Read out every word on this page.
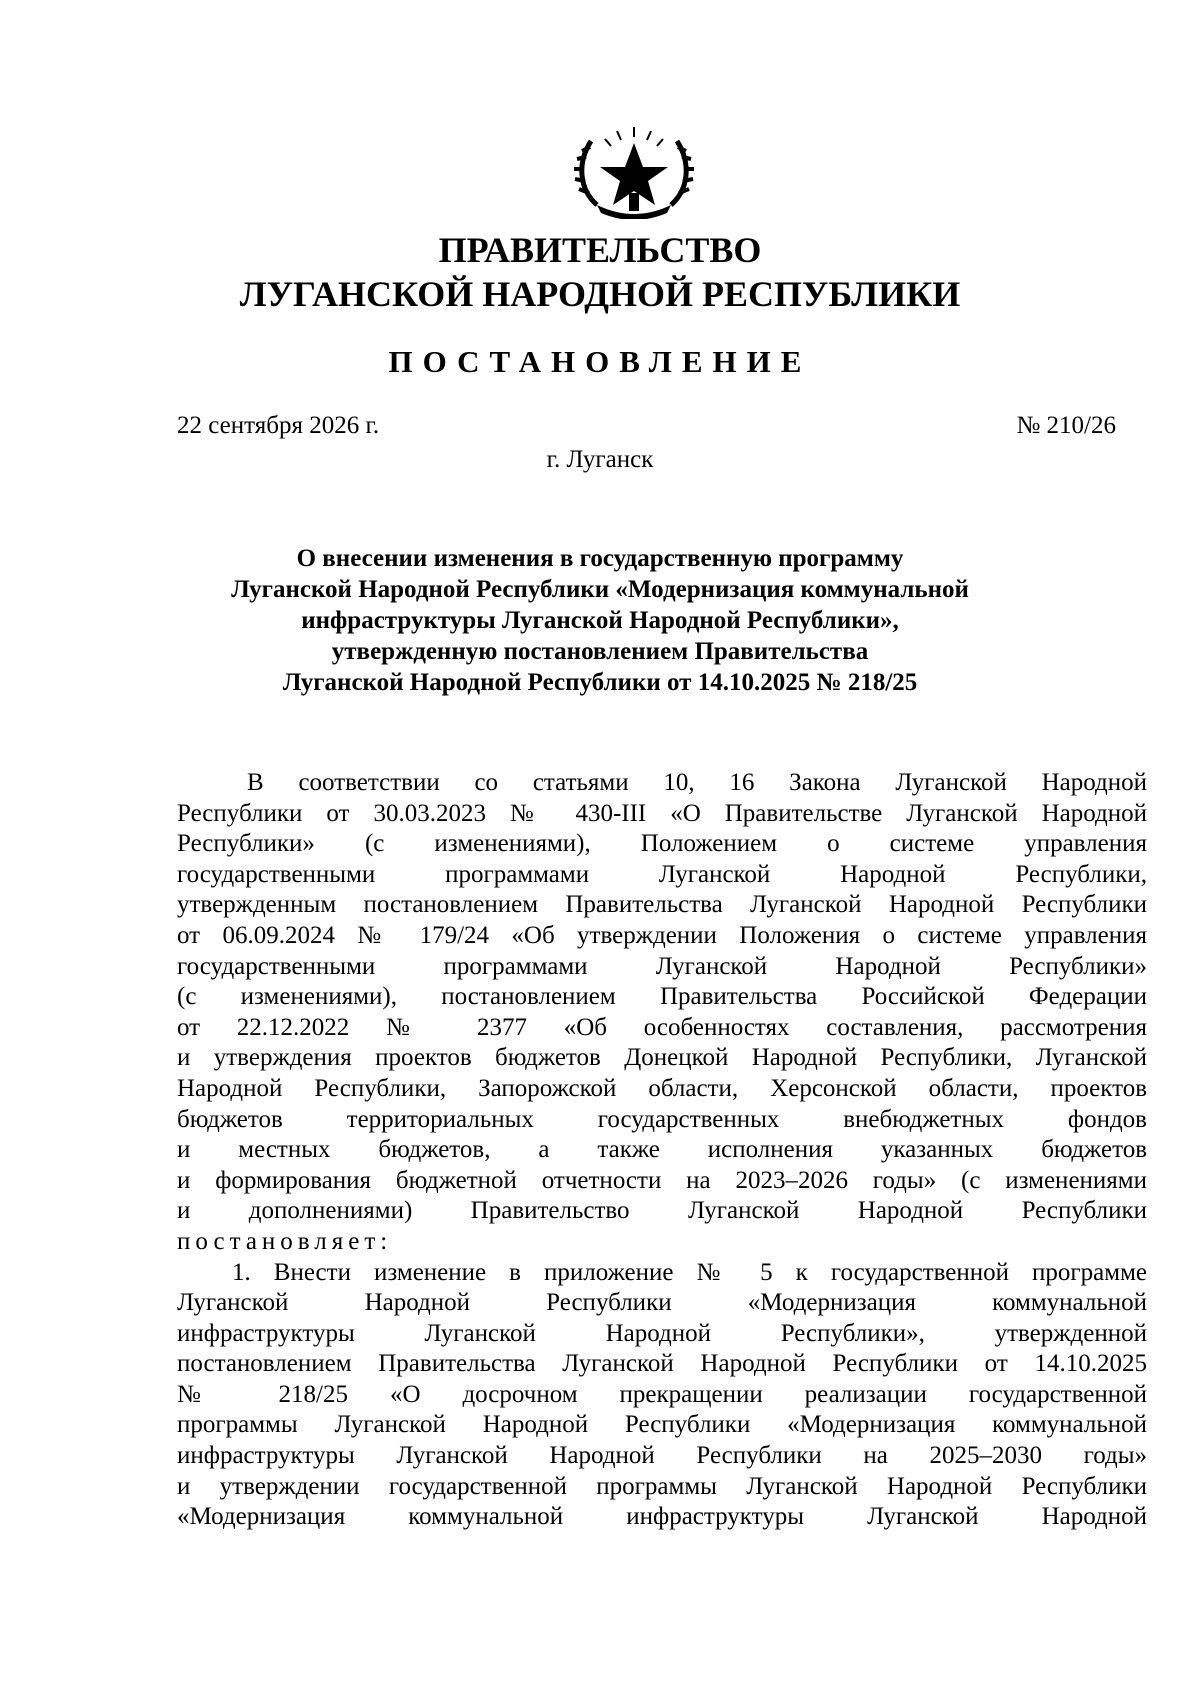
ПРАВИТЕЛЬСТВО
ЛУГАНСКОЙ НАРОДНОЙ РЕСПУБЛИКИ
ПОСТАНОВЛЕНИЕ
22 сентября 2026 г.	№ 210/26
г. Луганск
О внесении изменения в государственную программу
Луганской Народной Республики «Модернизация коммунальной
инфраструктуры Луганской Народной Республики»,
утвержденную постановлением Правительства
Луганской Народной Республики от 14.10.2025 № 218/25
В соответствии со статьями 10, 16 Закона Луганской Народной
Республики от 30.03.2023 № 430-III «О Правительстве Луганской Народной
Республики» (с изменениями), Положением о системе управления
государственными программами Луганской Народной Республики,
утвержденным постановлением Правительства Луганской Народной Республики
от 06.09.2024 № 179/24 «Об утверждении Положения о системе управления
государственными программами Луганской Народной Республики»
(с изменениями), постановлением Правительства Российской Федерации
от 22.12.2022 № 2377 «Об особенностях составления, рассмотрения
и утверждения проектов бюджетов Донецкой Народной Республики, Луганской
Народной Республики, Запорожской области, Херсонской области, проектов
бюджетов территориальных государственных внебюджетных фондов
и местных бюджетов, а также исполнения указанных бюджетов
и формирования бюджетной отчетности на 2023–2026 годы» (с изменениями
и дополнениями) Правительство Луганской Народной Республики
постановляет:
1. Внести изменение в приложение № 5 к государственной программе
Луганской Народной Республики «Модернизация коммунальной
инфраструктуры Луганской Народной Республики», утвержденной
постановлением Правительства Луганской Народной Республики от 14.10.2025
№ 218/25 «О досрочном прекращении реализации государственной
программы Луганской Народной Республики «Модернизация коммунальной
инфраструктуры Луганской Народной Республики на 2025–2030 годы»
и утверждении государственной программы Луганской Народной Республики
«Модернизация коммунальной инфраструктуры Луганской Народной
